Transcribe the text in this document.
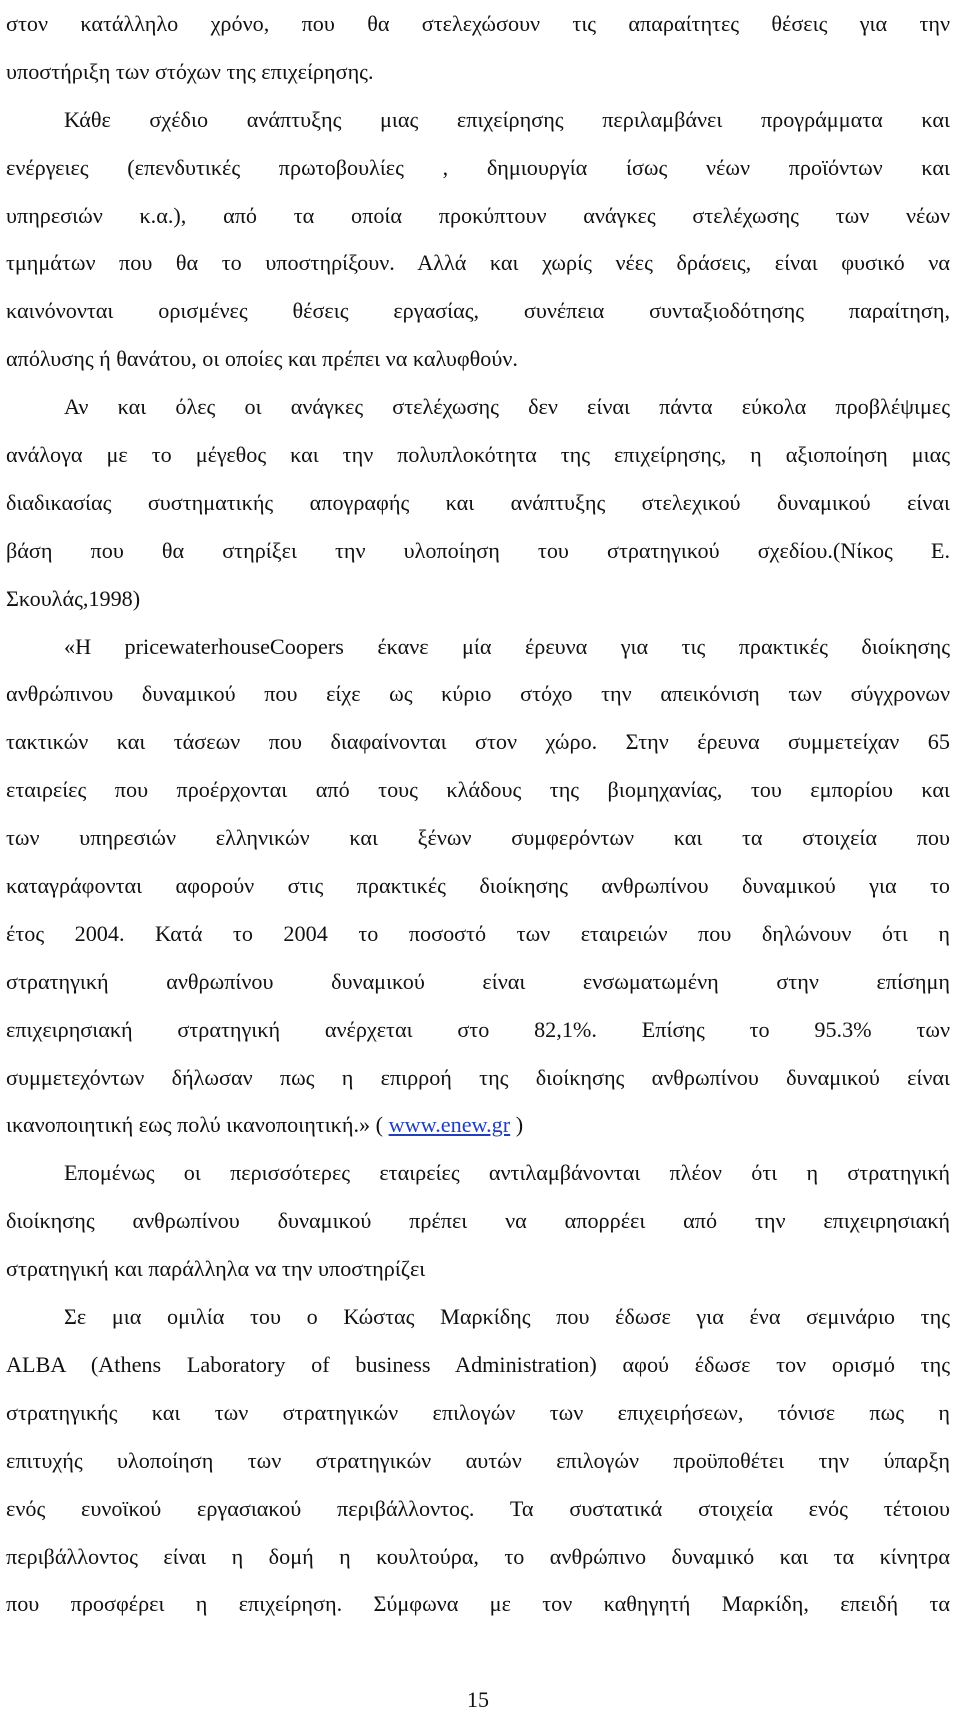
στον κατάλληλο χρόνο, που θα στελεχώσουν τις απαραίτητες θέσεις για την
υποστήριξη των στόχων της επιχείρησης.
Κάθε σχέδιο ανάπτυξης μιας επιχείρησης περιλαμβάνει προγράμματα και
ενέργειες (επενδυτικές πρωτοβουλίες , δημιουργία ίσως νέων προϊόντων και
υπηρεσιών κ.α.), από τα οποία προκύπτουν ανάγκες στελέχωσης των νέων
τμημάτων που θα το υποστηρίξουν. Αλλά και χωρίς νέες δράσεις, είναι φυσικό να
καινόνονται ορισμένες θέσεις εργασίας, συνέπεια συνταξιοδότησης παραίτηση,
απόλυσης ή θανάτου, οι οποίες και πρέπει να καλυφθούν.
Αν και όλες οι ανάγκες στελέχωσης δεν είναι πάντα εύκολα προβλέψιμες
ανάλογα με το μέγεθος και την πολυπλοκότητα της επιχείρησης, η αξιοποίηση μιας
διαδικασίας συστηματικής απογραφής και ανάπτυξης στελεχικού δυναμικού είναι
βάση που θα στηρίξει την υλοποίηση του στρατηγικού σχεδίου.(Νίκος Ε.
Σκουλάς,1998)
«Η pricewaterhouseCoopers έκανε μία έρευνα για τις πρακτικές διοίκησης
ανθρώπινου δυναμικού που είχε ως κύριο στόχο την απεικόνιση των σύγχρονων
τακτικών και τάσεων που διαφαίνονται στον χώρο. Στην έρευνα συμμετείχαν 65
εταιρείες που προέρχονται από τους κλάδους της βιομηχανίας, του εμπορίου και
των υπηρεσιών ελληνικών και ξένων συμφερόντων και τα στοιχεία που
καταγράφονται αφορούν στις πρακτικές διοίκησης ανθρωπίνου δυναμικού για το
έτος 2004. Κατά το 2004 το ποσοστό των εταιρειών που δηλώνουν ότι η
στρατηγική ανθρωπίνου δυναμικού είναι ενσωματωμένη στην επίσημη
επιχειρησιακή στρατηγική ανέρχεται στο 82,1%. Επίσης το 95.3% των
συμμετεχόντων δήλωσαν πως η επιρροή της διοίκησης ανθρωπίνου δυναμικού είναι
ικανοποιητική εως πολύ ικανοποιητική.» ( www.enew.gr )
Επομένως οι περισσότερες εταιρείες αντιλαμβάνονται πλέον ότι η στρατηγική
διοίκησης ανθρωπίνου δυναμικού πρέπει να απορρέει από την επιχειρησιακή
στρατηγική και παράλληλα να την υποστηρίζει
Σε μια ομιλία του ο Κώστας Μαρκίδης που έδωσε για ένα σεμινάριο της
ALBA (Athens Laboratory of business Administration) αφού έδωσε τον ορισμό της
στρατηγικής και των στρατηγικών επιλογών των επιχειρήσεων, τόνισε πως η
επιτυχής υλοποίηση των στρατηγικών αυτών επιλογών προϋποθέτει την ύπαρξη
ενός ευνοϊκού εργασιακού περιβάλλοντος. Τα συστατικά στοιχεία ενός τέτοιου
περιβάλλοντος είναι η δομή η κουλτούρα, το ανθρώπινο δυναμικό και τα κίνητρα
που προσφέρει η επιχείρηση. Σύμφωνα με τον καθηγητή Μαρκίδη, επειδή τα
15
